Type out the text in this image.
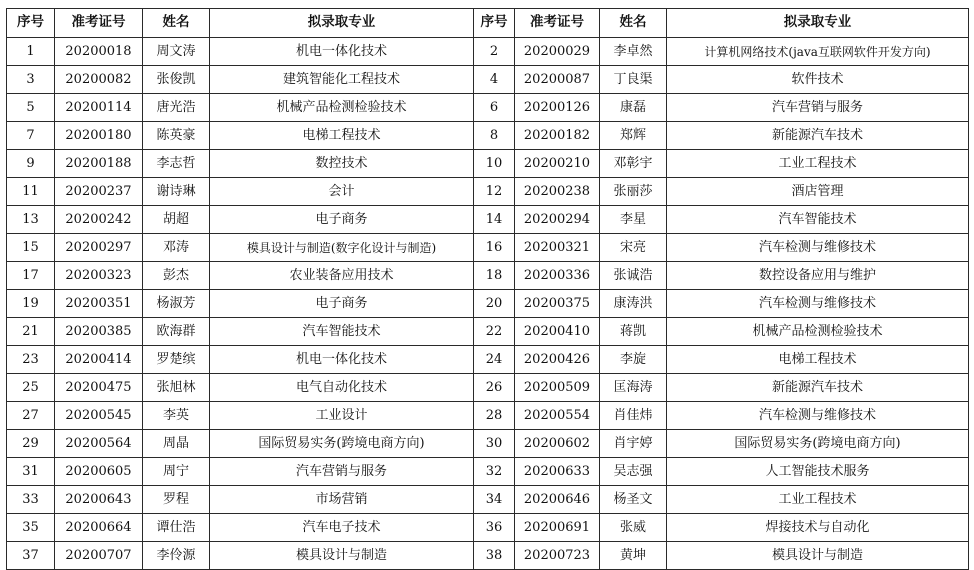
序号	准考证号	姓名	拟录取专业	序号	准考证号	姓名	拟录取专业
1	20200018	周文涛	机电一体化技术	2	20200029	李卓然	计算机网络技术(java互联网软件开发方向)
3	20200082	张俊凯	建筑智能化工程技术	4	20200087	丁良渠	软件技术
5	20200114	唐光浩	机械产品检测检验技术	6	20200126	康磊	汽车营销与服务
7	20200180	陈英豪	电梯工程技术	8	20200182	郑辉	新能源汽车技术
9	20200188	李志哲	数控技术	10	20200210	邓彰宇	工业工程技术
11	20200237	谢诗琳	会计	12	20200238	张丽莎	酒店管理
13	20200242	胡超	电子商务	14	20200294	李星	汽车智能技术
15	20200297	邓涛	模具设计与制造(数字化设计与制造)	16	20200321	宋亮	汽车检测与维修技术
17	20200323	彭杰	农业装备应用技术	18	20200336	张诚浩	数控设备应用与维护
19	20200351	杨淑芳	电子商务	20	20200375	康涛洪	汽车检测与维修技术
21	20200385	欧海群	汽车智能技术	22	20200410	蒋凯	机械产品检测检验技术
23	20200414	罗楚缤	机电一体化技术	24	20200426	李旋	电梯工程技术
25	20200475	张旭林	电气自动化技术	26	20200509	匡海涛	新能源汽车技术
27	20200545	李英	工业设计	28	20200554	肖佳炜	汽车检测与维修技术
29	20200564	周晶	国际贸易实务(跨境电商方向)	30	20200602	肖宇婷	国际贸易实务(跨境电商方向)
31	20200605	周宁	汽车营销与服务	32	20200633	吴志强	人工智能技术服务
33	20200643	罗程	市场营销	34	20200646	杨圣文	工业工程技术
35	20200664	谭仕浩	汽车电子技术	36	20200691	张威	焊接技术与自动化
37	20200707	李伶源	模具设计与制造	38	20200723	黄坤	模具设计与制造
